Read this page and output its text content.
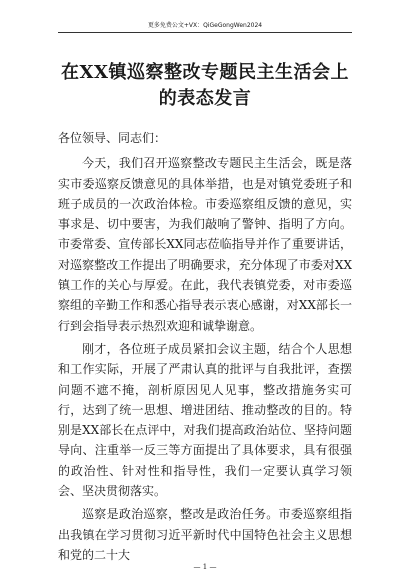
更多免费公文+VX：QiGeGongWen2024
在XX镇巡察整改专题民主生活会上的表态发言

各位领导、同志们：

今天，我们召开巡察整改专题民主生活会，既是落实市委巡察反馈意见的具体举措，也是对镇党委班子和班子成员的一次政治体检。市委巡察组反馈的意见，实事求是、切中要害，为我们敲响了警钟、指明了方向。市委常委、宣传部长XX同志莅临指导并作了重要讲话，对巡察整改工作提出了明确要求，充分体现了市委对XX镇工作的关心与厚爱。在此，我代表镇党委，对市委巡察组的辛勤工作和悉心指导表示衷心感谢，对XX部长一行到会指导表示热烈欢迎和诚挚谢意。

刚才，各位班子成员紧扣会议主题，结合个人思想和工作实际，开展了严肃认真的批评与自我批评，查摆问题不遮不掩，剖析原因见人见事，整改措施务实可行，达到了统一思想、增进团结、推动整改的目的。特别是XX部长在点评中，对我们提高政治站位、坚持问题导向、注重举一反三等方面提出了具体要求，具有很强的政治性、针对性和指导性，我们一定要认真学习领会、坚决贯彻落实。

巡察是政治巡察，整改是政治任务。市委巡察组指出我镇在学习贯彻习近平新时代中国特色社会主义思想和党的二十大

— 1 —
